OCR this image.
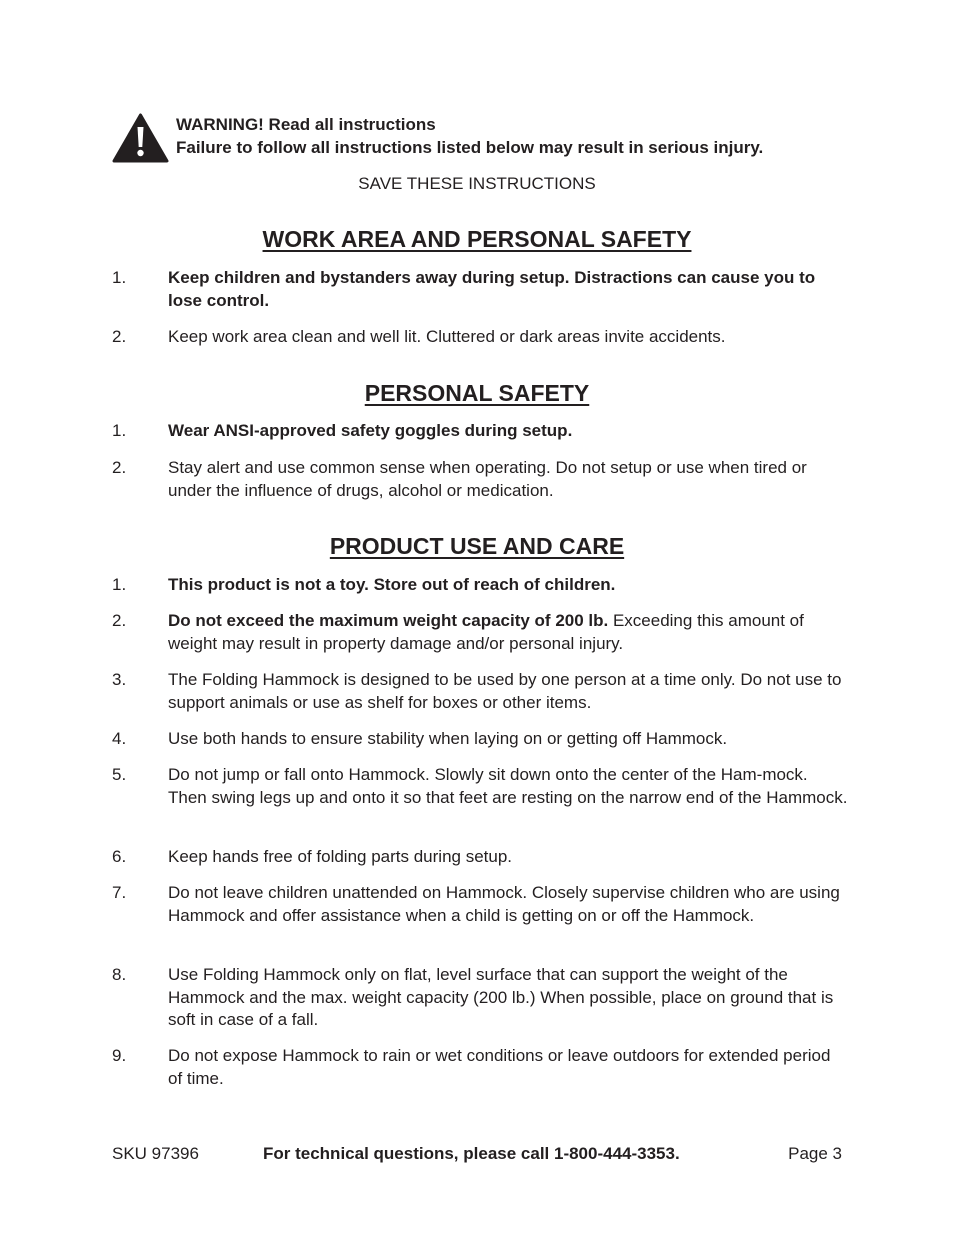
WARNING! Read all instructions
Failure to follow all instructions listed below may result in serious injury.
SAVE THESE INSTRUCTIONS
WORK AREA AND PERSONAL SAFETY
1.	Keep children and bystanders away during setup. Distractions can cause you to lose control.
2.	Keep work area clean and well lit. Cluttered or dark areas invite accidents.
PERSONAL SAFETY
1.	Wear ANSI-approved safety goggles during setup.
2.	Stay alert and use common sense when operating. Do not setup or use when tired or under the influence of drugs, alcohol or medication.
PRODUCT USE AND CARE
1.	This product is not a toy. Store out of reach of children.
2.	Do not exceed the maximum weight capacity of 200 lb. Exceeding this amount of weight may result in property damage and/or personal injury.
3.	The Folding Hammock is designed to be used by one person at a time only. Do not use to support animals or use as shelf for boxes or other items.
4.	Use both hands to ensure stability when laying on or getting off Hammock.
5.	Do not jump or fall onto Hammock. Slowly sit down onto the center of the Ham-mock. Then swing legs up and onto it so that feet are resting on the narrow end of the Hammock.
6.	Keep hands free of folding parts during setup.
7.	Do not leave children unattended on Hammock. Closely supervise children who are using Hammock and offer assistance when a child is getting on or off the Hammock.
8.	Use Folding Hammock only on flat, level surface that can support the weight of the Hammock and the max. weight capacity (200 lb.) When possible, place on ground that is soft in case of a fall.
9.	Do not expose Hammock to rain or wet conditions or leave outdoors for extended period of time.
SKU 97396	For technical questions, please call 1-800-444-3353.	Page 3
